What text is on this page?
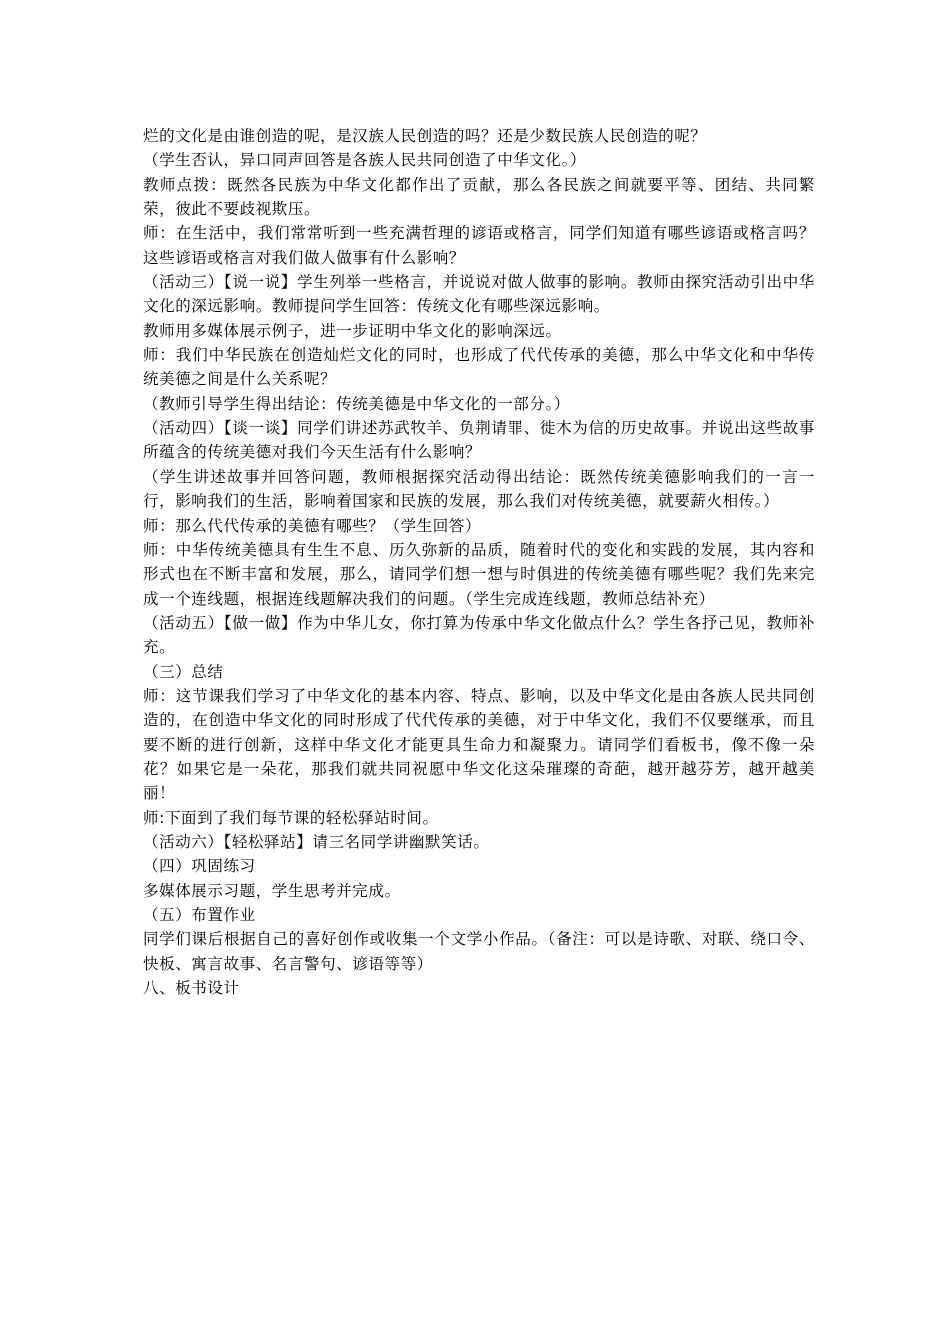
烂的文化是由谁创造的呢，是汉族人民创造的吗？还是少数民族人民创造的呢？

（学生否认，异口同声回答是各族人民共同创造了中华文化。）

教师点拨：既然各民族为中华文化都作出了贡献，那么各民族之间就要平等、团结、共同繁荣，彼此不要歧视欺压。

师：在生活中，我们常常听到一些充满哲理的谚语或格言，同学们知道有哪些谚语或格言吗？这些谚语或格言对我们做人做事有什么影响？

（活动三）【说一说】学生列举一些格言，并说说对做人做事的影响。教师由探究活动引出中华文化的深远影响。教师提问学生回答：传统文化有哪些深远影响。

教师用多媒体展示例子，进一步证明中华文化的影响深远。

师：我们中华民族在创造灿烂文化的同时，也形成了代代传承的美德，那么中华文化和中华传统美德之间是什么关系呢？

（教师引导学生得出结论：传统美德是中华文化的一部分。）

（活动四）【谈一谈】同学们讲述苏武牧羊、负荆请罪、徙木为信的历史故事。并说出这些故事所蕴含的传统美德对我们今天生活有什么影响？

（学生讲述故事并回答问题，教师根据探究活动得出结论：既然传统美德影响我们的一言一行，影响我们的生活，影响着国家和民族的发展，那么我们对传统美德，就要薪火相传。）

师：那么代代传承的美德有哪些？（学生回答）

师：中华传统美德具有生生不息、历久弥新的品质，随着时代的变化和实践的发展，其内容和形式也在不断丰富和发展，那么，请同学们想一想与时俱进的传统美德有哪些呢？我们先来完成一个连线题，根据连线题解决我们的问题。（学生完成连线题，教师总结补充）

（活动五）【做一做】作为中华儿女，你打算为传承中华文化做点什么？学生各抒己见，教师补充。

（三）总结

师：这节课我们学习了中华文化的基本内容、特点、影响，以及中华文化是由各族人民共同创造的，在创造中华文化的同时形成了代代传承的美德，对于中华文化，我们不仅要继承，而且要不断的进行创新，这样中华文化才能更具生命力和凝聚力。请同学们看板书，像不像一朵花？如果它是一朵花，那我们就共同祝愿中华文化这朵璀璨的奇葩，越开越芬芳，越开越美丽！

师:下面到了我们每节课的轻松驿站时间。

（活动六）【轻松驿站】请三名同学讲幽默笑话。

（四）巩固练习

多媒体展示习题，学生思考并完成。

（五）布置作业

同学们课后根据自己的喜好创作或收集一个文学小作品。（备注：可以是诗歌、对联、绕口令、快板、寓言故事、名言警句、谚语等等）

八、板书设计
